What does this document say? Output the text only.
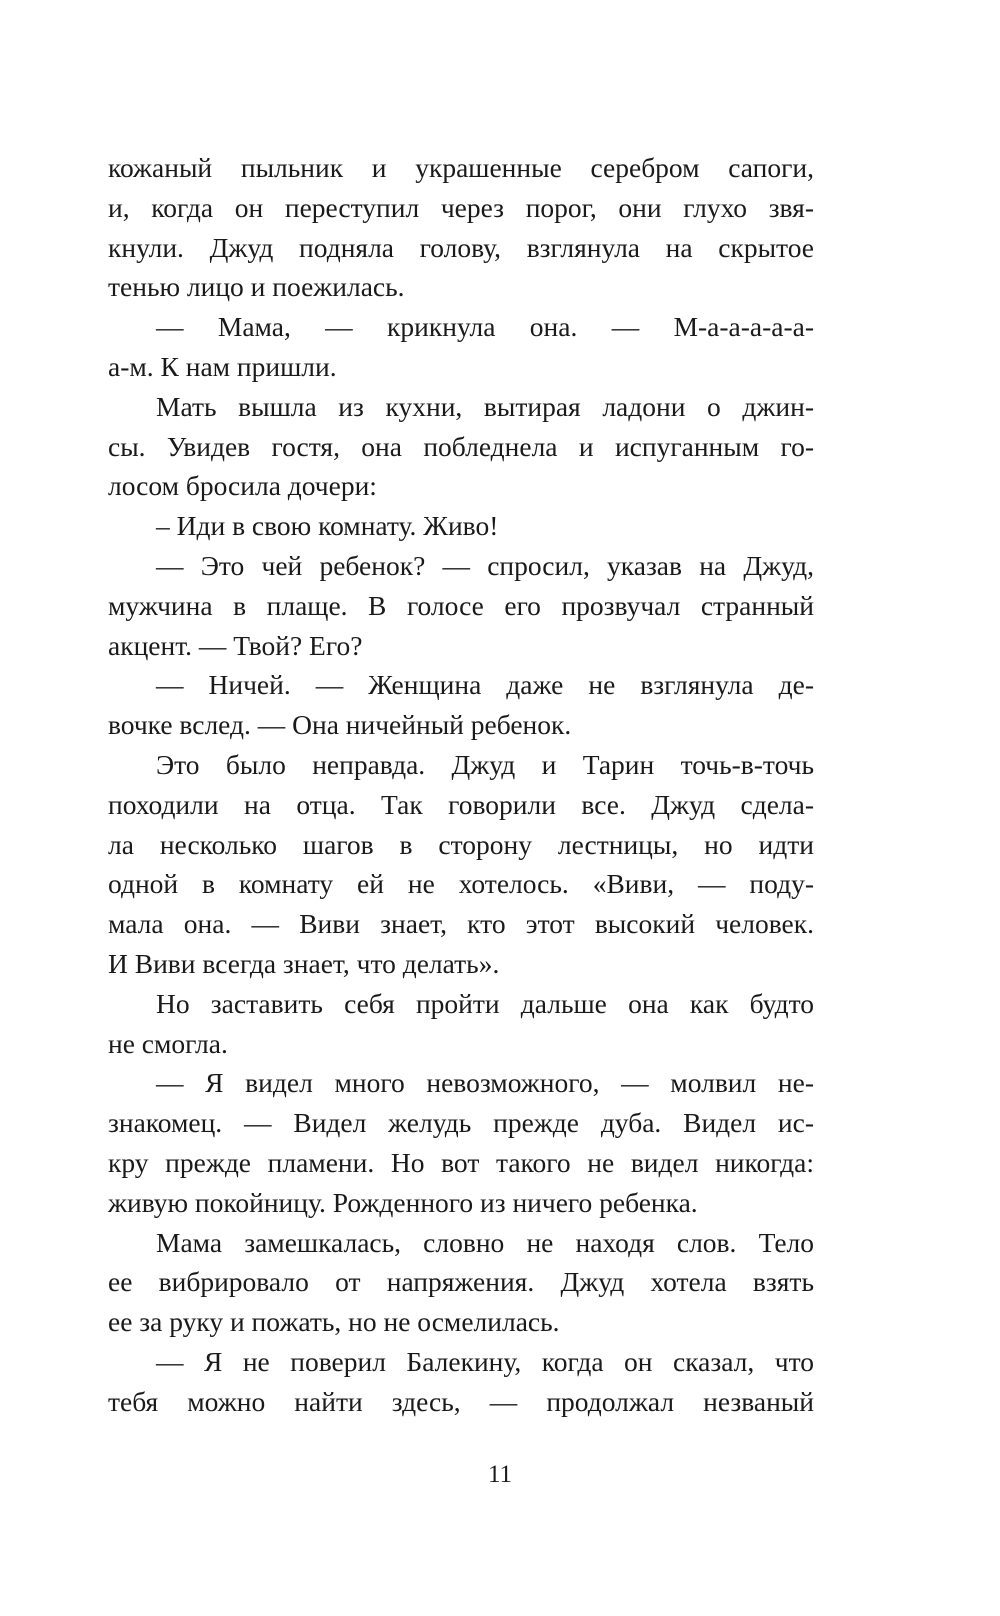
кожаный пыльник и украшенные серебром сапоги,
и, когда он переступил через порог, они глухо звя-
кнули. Джуд подняла голову, взглянула на скрытое
тенью лицо и поежилась.
— Мама, — крикнула она. — М-а-а-а-а-а-
а-м. К нам пришли.
Мать вышла из кухни, вытирая ладони о джин-
сы. Увидев гостя, она побледнела и испуганным го-
лосом бросила дочери:
– Иди в свою комнату. Живо!
— Это чей ребенок? — спросил, указав на Джуд,
мужчина в плаще. В голосе его прозвучал странный
акцент. — Твой? Его?
— Ничей. — Женщина даже не взглянула де-
вочке вслед. — Она ничейный ребенок.
Это было неправда. Джуд и Тарин точь-в-точь
походили на отца. Так говорили все. Джуд сдела-
ла несколько шагов в сторону лестницы, но идти
одной в комнату ей не хотелось. «Виви, — поду-
мала она. — Виви знает, кто этот высокий человек.
И Виви всегда знает, что делать».
Но заставить себя пройти дальше она как будто
не смогла.
— Я видел много невозможного, — молвил не-
знакомец. — Видел желудь прежде дуба. Видел ис-
кру прежде пламени. Но вот такого не видел никогда:
живую покойницу. Рожденного из ничего ребенка.
Мама замешкалась, словно не находя слов. Тело
ее вибрировало от напряжения. Джуд хотела взять
ее за руку и пожать, но не осмелилась.
— Я не поверил Балекину, когда он сказал, что
тебя можно найти здесь, — продолжал незваный
11
